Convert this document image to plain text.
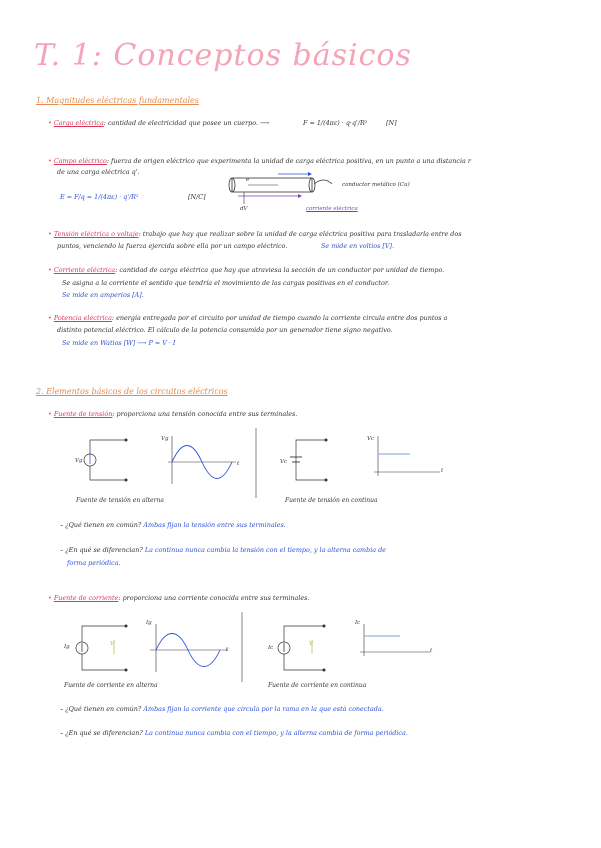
T. 1: Conceptos básicos
1. Magnitudes eléctricas fundamentales
• Carga eléctrica: cantidad de electricidad que posee un cuerpo. ⟶	F = 1/(4πε) · q·q'/R²	[N]
• Campo eléctrico: fuerza de origen eléctrico que experimenta la unidad de carga eléctrica positiva, en un punto a una distancia r
de una carga eléctrica q'.
E = F/q = 1/(4πε) · q'/R²	[N/C]
e⁻
dV
conductor metálico (Cu)
corriente eléctrica
• Tensión eléctrica o voltaje: trabajo que hay que realizar sobre la unidad de carga eléctrica positiva para trasladarla entre dos
puntos, venciendo la fuerza ejercida sobre ella por un campo eléctrico.	Se mide en voltios [V].
• Corriente eléctrica: cantidad de carga eléctrica que hay que atraviesa la sección de un conductor por unidad de tiempo.
Se asigna a la corriente el sentido que tendría el movimiento de las cargas positivas en el conductor.
Se mide en amperios [A].
• Potencia eléctrica: energía entregada por el circuito por unidad de tiempo cuando la corriente circula entre dos puntos a
distinto potencial eléctrico. El cálculo de la potencia consumida por un generador tiene signo negativo.
Se mide en Watios [W] ⟶ P = V · I
2. Elementos básicos de los circuitos eléctricos
• Fuente de tensión: proporciona una tensión conocida entre sus terminales.
Vg
Vg
t	Vc
Vc
t
Fuente de tensión en alterna	Fuente de tensión en continua
– ¿Qué tienen en común? Ambas fijan la tensión entre sus terminales.
– ¿En qué se diferencian? La continua nunca cambia la tensión con el tiempo, y la alterna cambia de
forma periódica.
• Fuente de corriente: proporciona una corriente conocida entre sus terminales.
Ig
Ig
V
t	Ic
Ic
V
t
Fuente de corriente en alterna	Fuente de corriente en continua
– ¿Qué tienen en común? Ambas fijan la corriente que circula por la rama en la que está conectada.
– ¿En qué se diferencian? La continua nunca cambia con el tiempo, y la alterna cambia de forma periódica.
